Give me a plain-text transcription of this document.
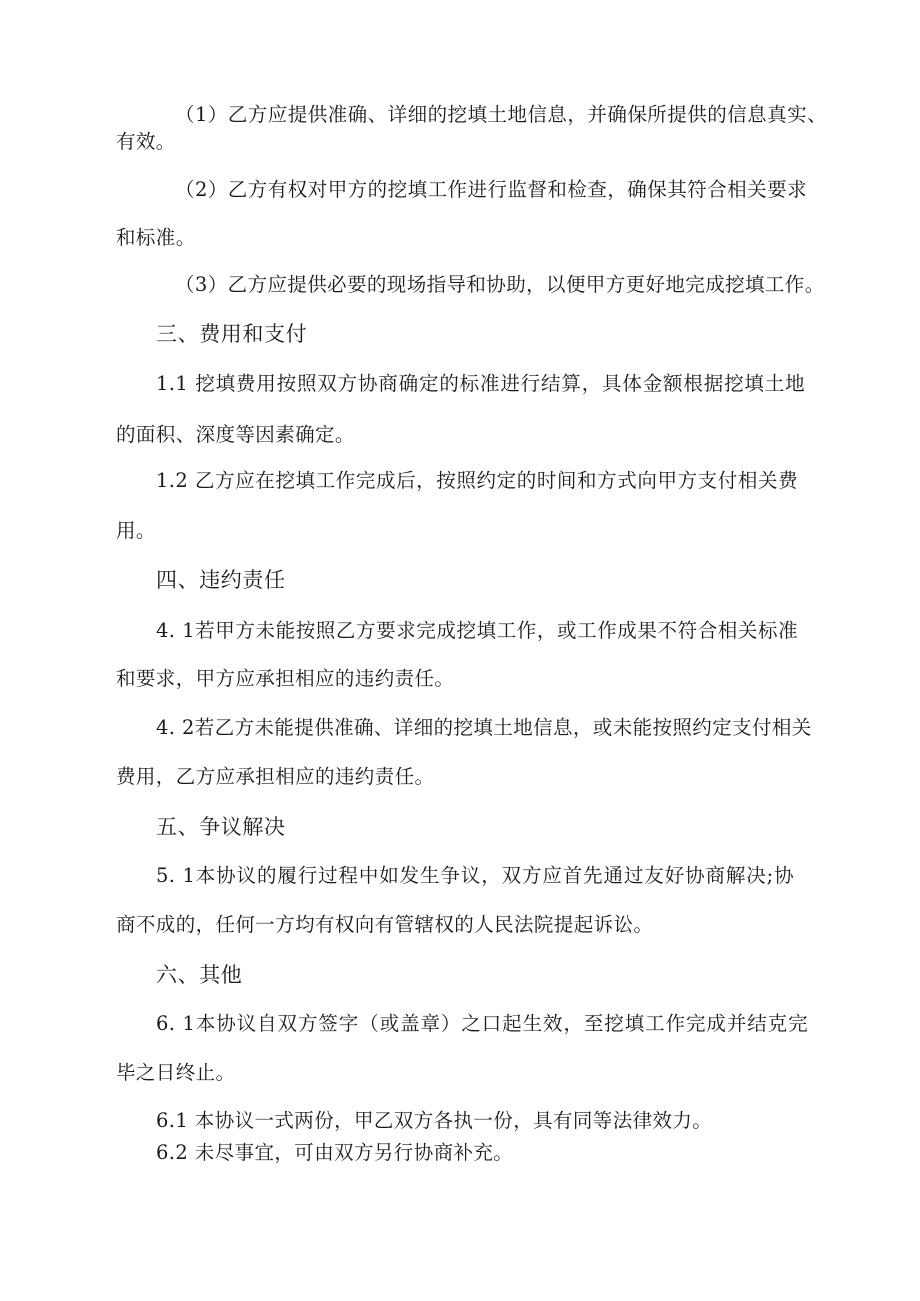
（1）乙方应提供准确、详细的挖填土地信息，并确保所提供的信息真实、
有效。
（2）乙方有权对甲方的挖填工作进行监督和检查，确保其符合相关要求
和标准。
（3）乙方应提供必要的现场指导和协助，以便甲方更好地完成挖填工作。
三、费用和支付
1.1 挖填费用按照双方协商确定的标准进行结算，具体金额根据挖填土地
的面积、深度等因素确定。
1.2 乙方应在挖填工作完成后，按照约定的时间和方式向甲方支付相关费
用。
四、违约责任
4. 1若甲方未能按照乙方要求完成挖填工作，或工作成果不符合相关标准
和要求，甲方应承担相应的违约责任。
4. 2若乙方未能提供准确、详细的挖填土地信息，或未能按照约定支付相关
费用，乙方应承担相应的违约责任。
五、争议解决
5. 1本协议的履行过程中如发生争议，双方应首先通过友好协商解决;协
商不成的，任何一方均有权向有管辖权的人民法院提起诉讼。
六、其他
6. 1本协议自双方签字（或盖章）之口起生效，至挖填工作完成并结克完
毕之日终止。
6.1 本协议一式两份，甲乙双方各执一份，具有同等法律效力。
6.2 未尽事宜，可由双方另行协商补充。
